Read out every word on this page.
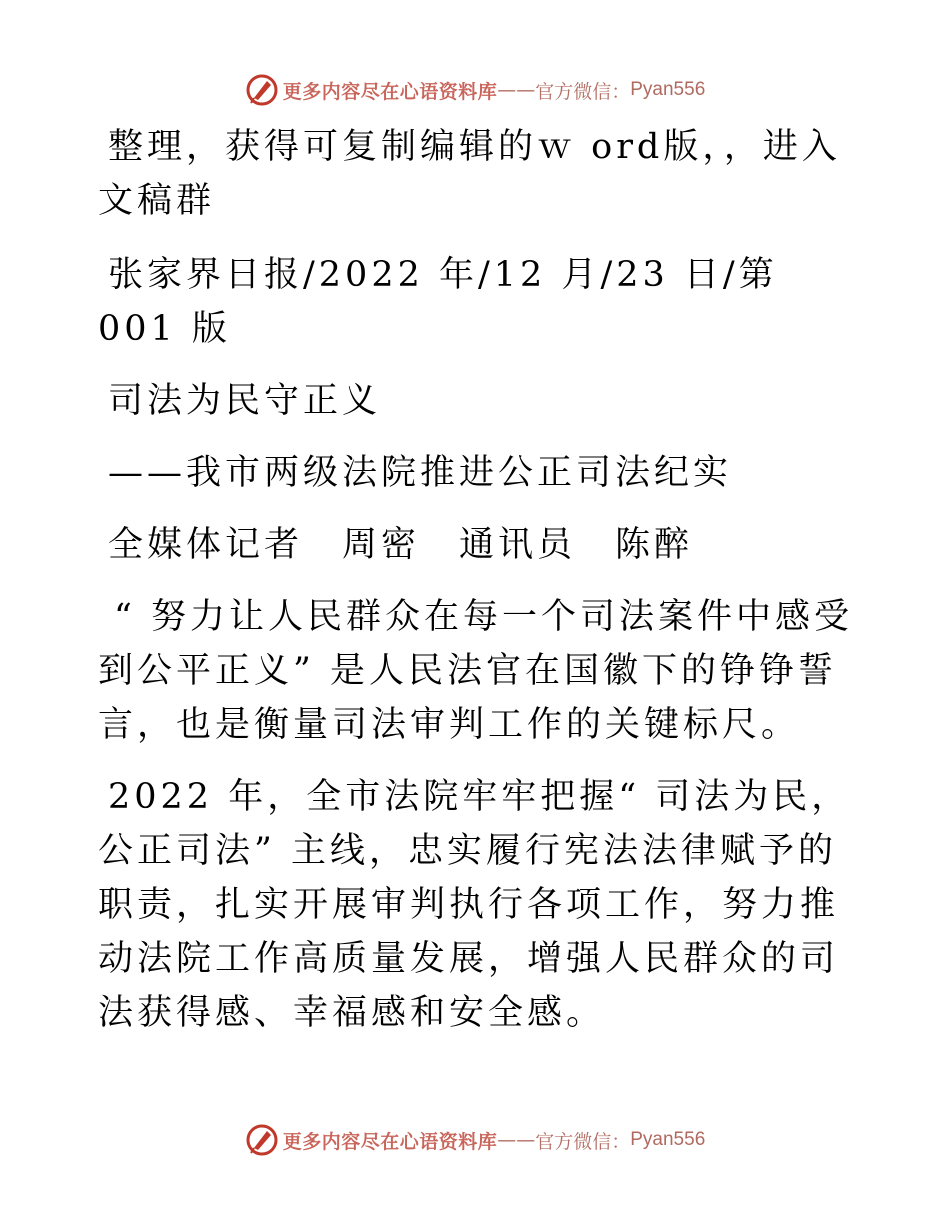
更多内容尽在心语资料库 —— 官方微信： Pyan556

整理，获得可复制编辑的ｗ ord版，，进入文稿群

张家界日报/2022 年/12 月/23 日/第 001 版

司法为民守正义

——我市两级法院推进公正司法纪实

全媒体记者　周密　通讯员　陈醉

“ 努力让人民群众在每一个司法案件中感受到公平正义” 是人民法官在国徽下的铮铮誓言，也是衡量司法审判工作的关键标尺。

2022 年，全市法院牢牢把握“ 司法为民，公正司法” 主线，忠实履行宪法法律赋予的职责，扎实开展审判执行各项工作，努力推动法院工作高质量发展，增强人民群众的司法获得感、幸福感和安全感。

更多内容尽在心语资料库 —— 官方微信： Pyan556
